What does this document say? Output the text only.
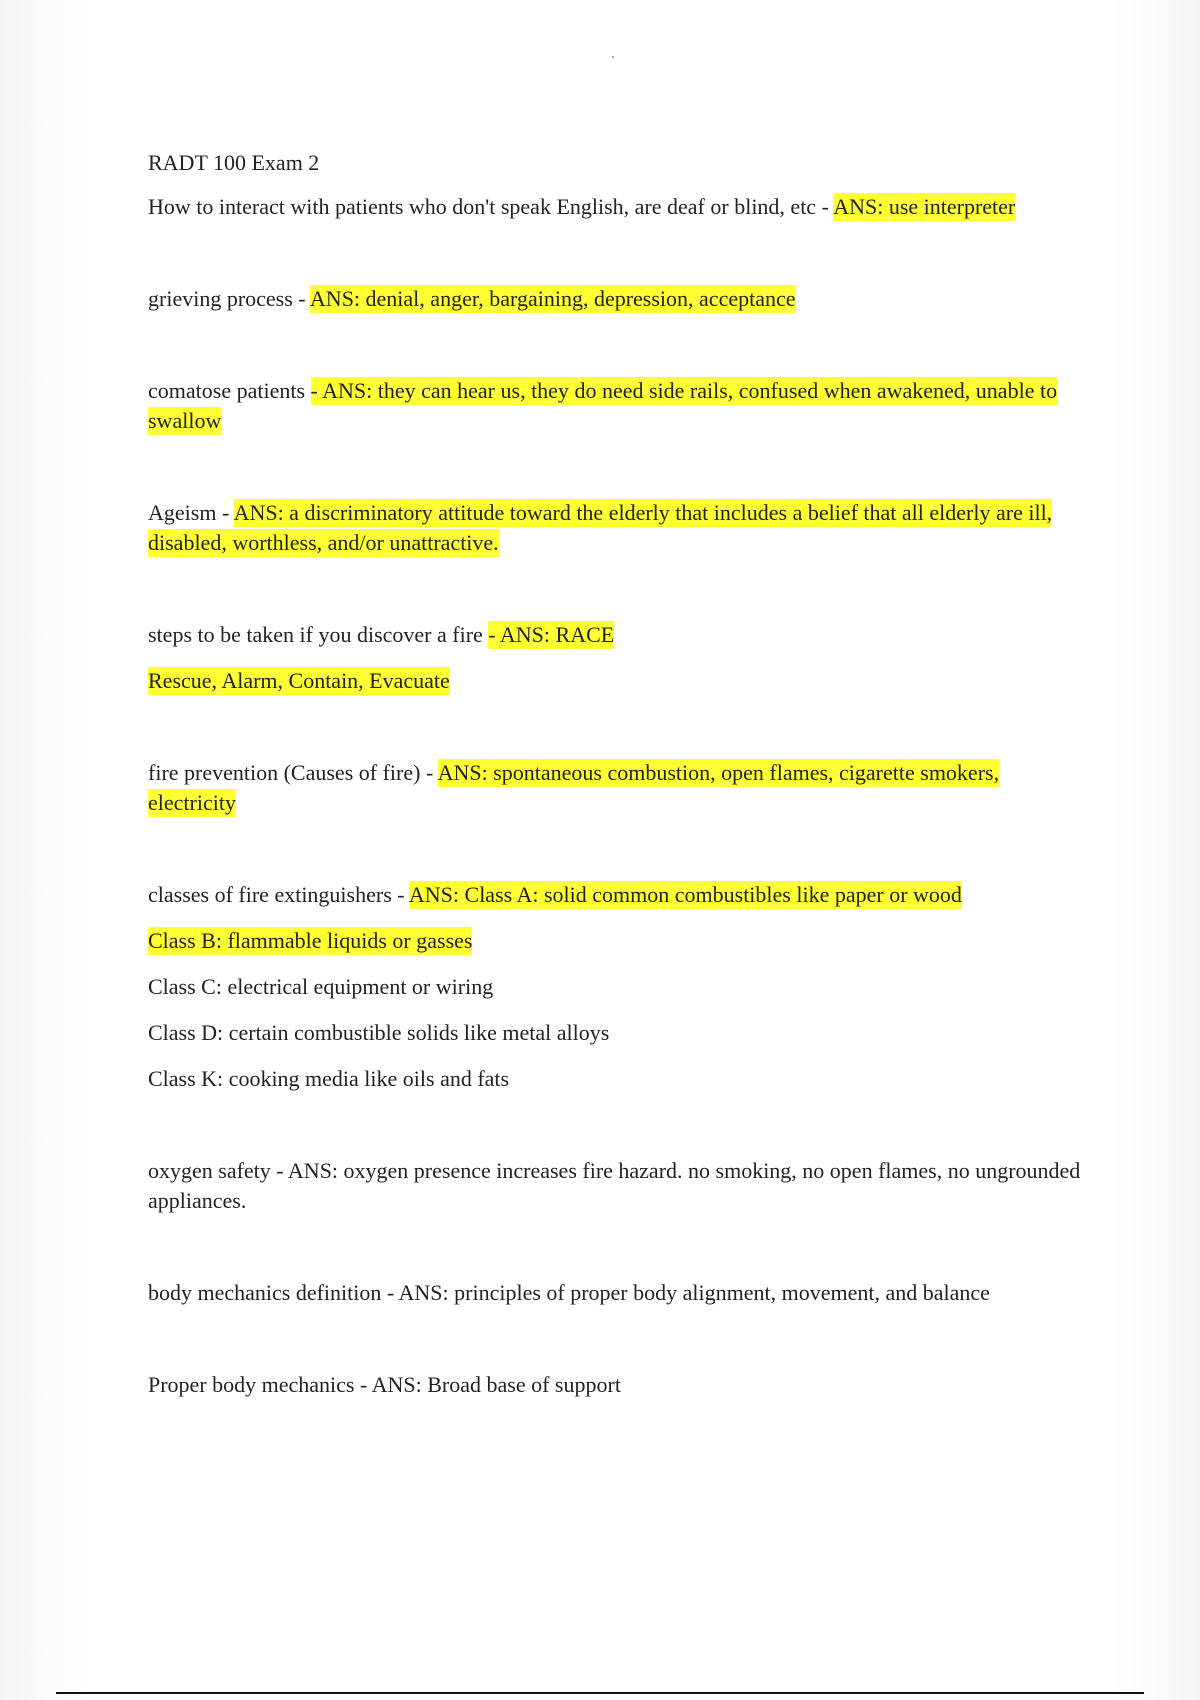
RADT 100 Exam 2
How to interact with patients who don't speak English, are deaf or blind, etc - ANS: use interpreter
grieving process - ANS: denial, anger, bargaining, depression, acceptance
comatose patients - ANS: they can hear us, they do need side rails, confused when awakened, unable to swallow
Ageism - ANS: a discriminatory attitude toward the elderly that includes a belief that all elderly are ill, disabled, worthless, and/or unattractive.
steps to be taken if you discover a fire - ANS: RACE
Rescue, Alarm, Contain, Evacuate
fire prevention (Causes of fire) - ANS: spontaneous combustion, open flames, cigarette smokers, electricity
classes of fire extinguishers - ANS: Class A: solid common combustibles like paper or wood
Class B: flammable liquids or gasses
Class C: electrical equipment or wiring
Class D: certain combustible solids like metal alloys
Class K: cooking media like oils and fats
oxygen safety - ANS: oxygen presence increases fire hazard. no smoking, no open flames, no ungrounded appliances.
body mechanics definition - ANS: principles of proper body alignment, movement, and balance
Proper body mechanics - ANS: Broad base of support
